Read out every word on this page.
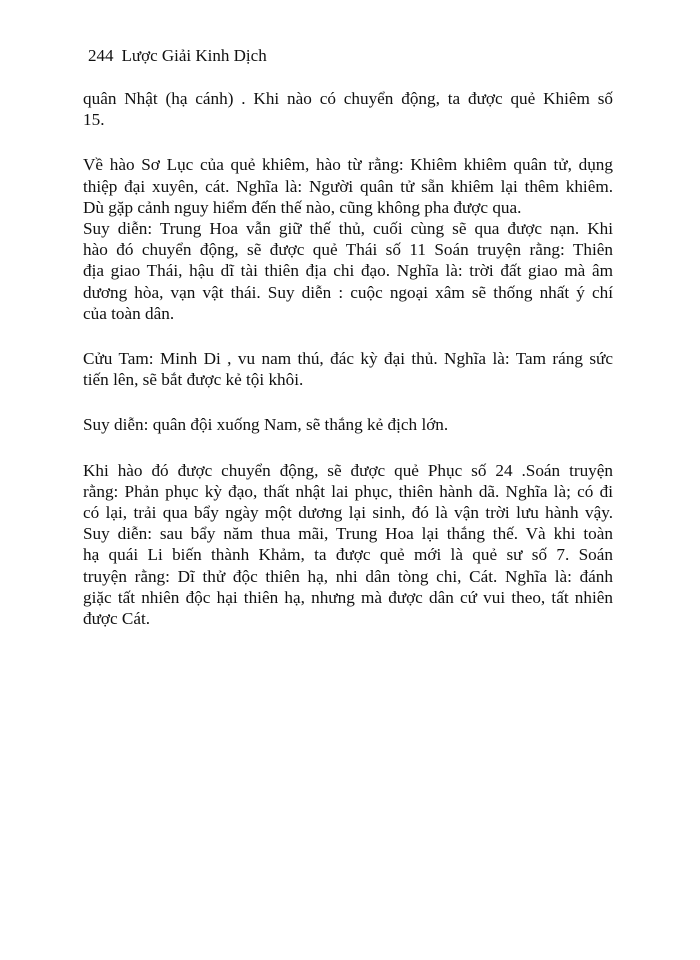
244 Lược Giải Kinh Dịch
quân Nhật (hạ cánh) . Khi nào có chuyển động, ta được quẻ Khiêm số
15.
Về hào Sơ Lục của quẻ khiêm, hào từ rằng: Khiêm khiêm quân tử, dụng
thiệp đại xuyên, cát. Nghĩa là: Người quân tử sẵn khiêm lại thêm khiêm.
Dù gặp cảnh nguy hiểm đến thế nào, cũng không pha được qua.
Suy diễn: Trung Hoa vẫn giữ thế thủ, cuối cùng sẽ qua được nạn. Khi
hào đó chuyển động, sẽ được quẻ Thái số 11 Soán truyện rằng: Thiên
địa giao Thái, hậu dĩ tài thiên địa chi đạo. Nghĩa là: trời đất giao mà âm
dương hòa, vạn vật thái. Suy diễn : cuộc ngoại xâm sẽ thống nhất ý chí
của toàn dân.
Cửu Tam: Minh Di , vu nam thú, đác kỳ đại thủ. Nghĩa là: Tam ráng sức
tiến lên, sẽ bắt được kẻ tội khôi.
Suy diễn: quân đội xuống Nam, sẽ thắng kẻ địch lớn.
Khi hào đó được chuyển động, sẽ được quẻ Phục số 24 .Soán truyện
rằng: Phản phục kỳ đạo, thất nhật lai phục, thiên hành dã. Nghĩa là; có đi
có lại, trải qua bẩy ngày một dương lại sinh, đó là vận trời lưu hành vậy.
Suy diễn: sau bẩy năm thua mãi, Trung Hoa lại thắng thế. Và khi toàn
hạ quái Li biến thành Khảm, ta được quẻ mới là quẻ sư số 7. Soán
truyện rằng: Dĩ thử độc thiên hạ, nhi dân tòng chi, Cát. Nghĩa là: đánh
giặc tất nhiên độc hại thiên hạ, nhưng mà được dân cứ vui theo, tất nhiên
được Cát.
